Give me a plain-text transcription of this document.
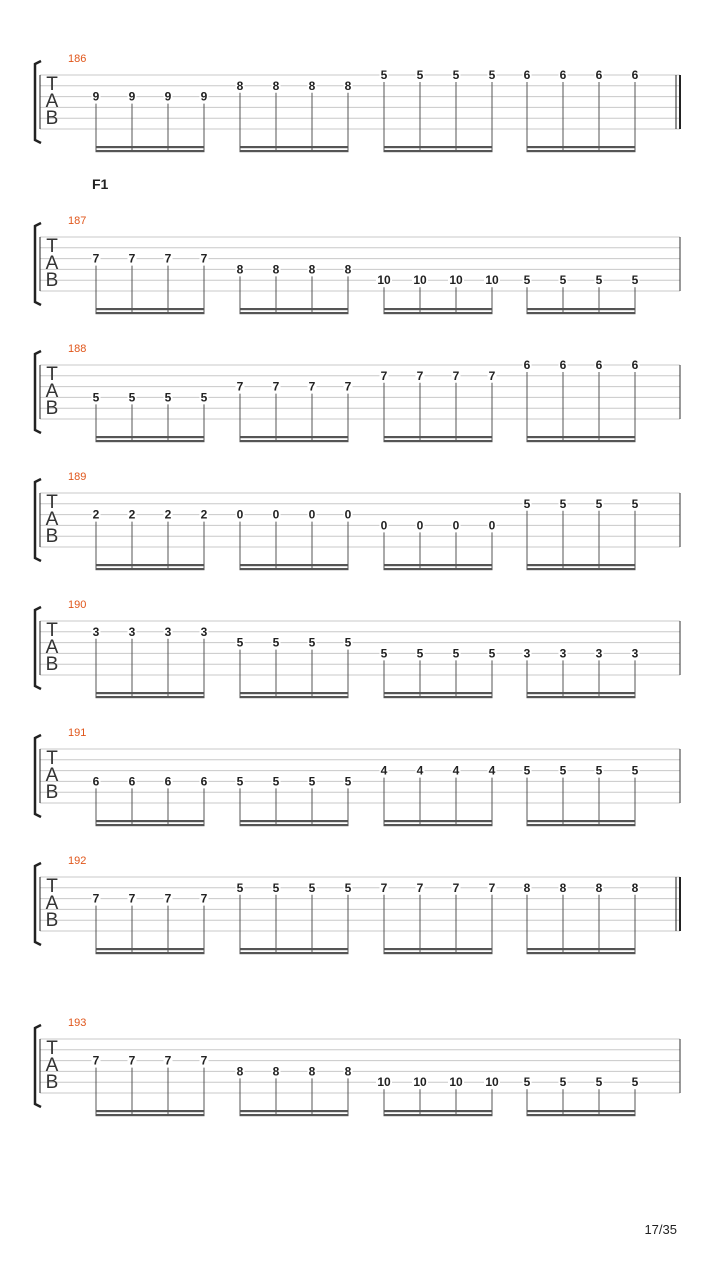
186
T
A
B
9 9 9 9
8 8 8 8
5 5 5 5 6 6 6 6
187
F1
T
A
B
7 7 7 7
8 8 8 8
10 10 10 10 5 5 5 5
188
T
A
B
5 5 5 5
7 7 7 7
7 7 7 7
6 6 6 6
189
T
A
B
2 2 2 2 0 0 0 0
0 0 0 0
5 5 5 5
190
T
A
B
3 3 3 3
5 5 5 5
5 5 5 5 3 3 3 3
191
T
A
B
6 6 6 6 5 5 5 5
4 4 4 4 5 5 5 5
192
T
A
B
7 7 7 7
5 5 5 5 7 7 7 7 8 8 8 8
193
T
A
B
7 7 7 7
8 8 8 8
10 10 10 10 5 5 5 5
17/35
